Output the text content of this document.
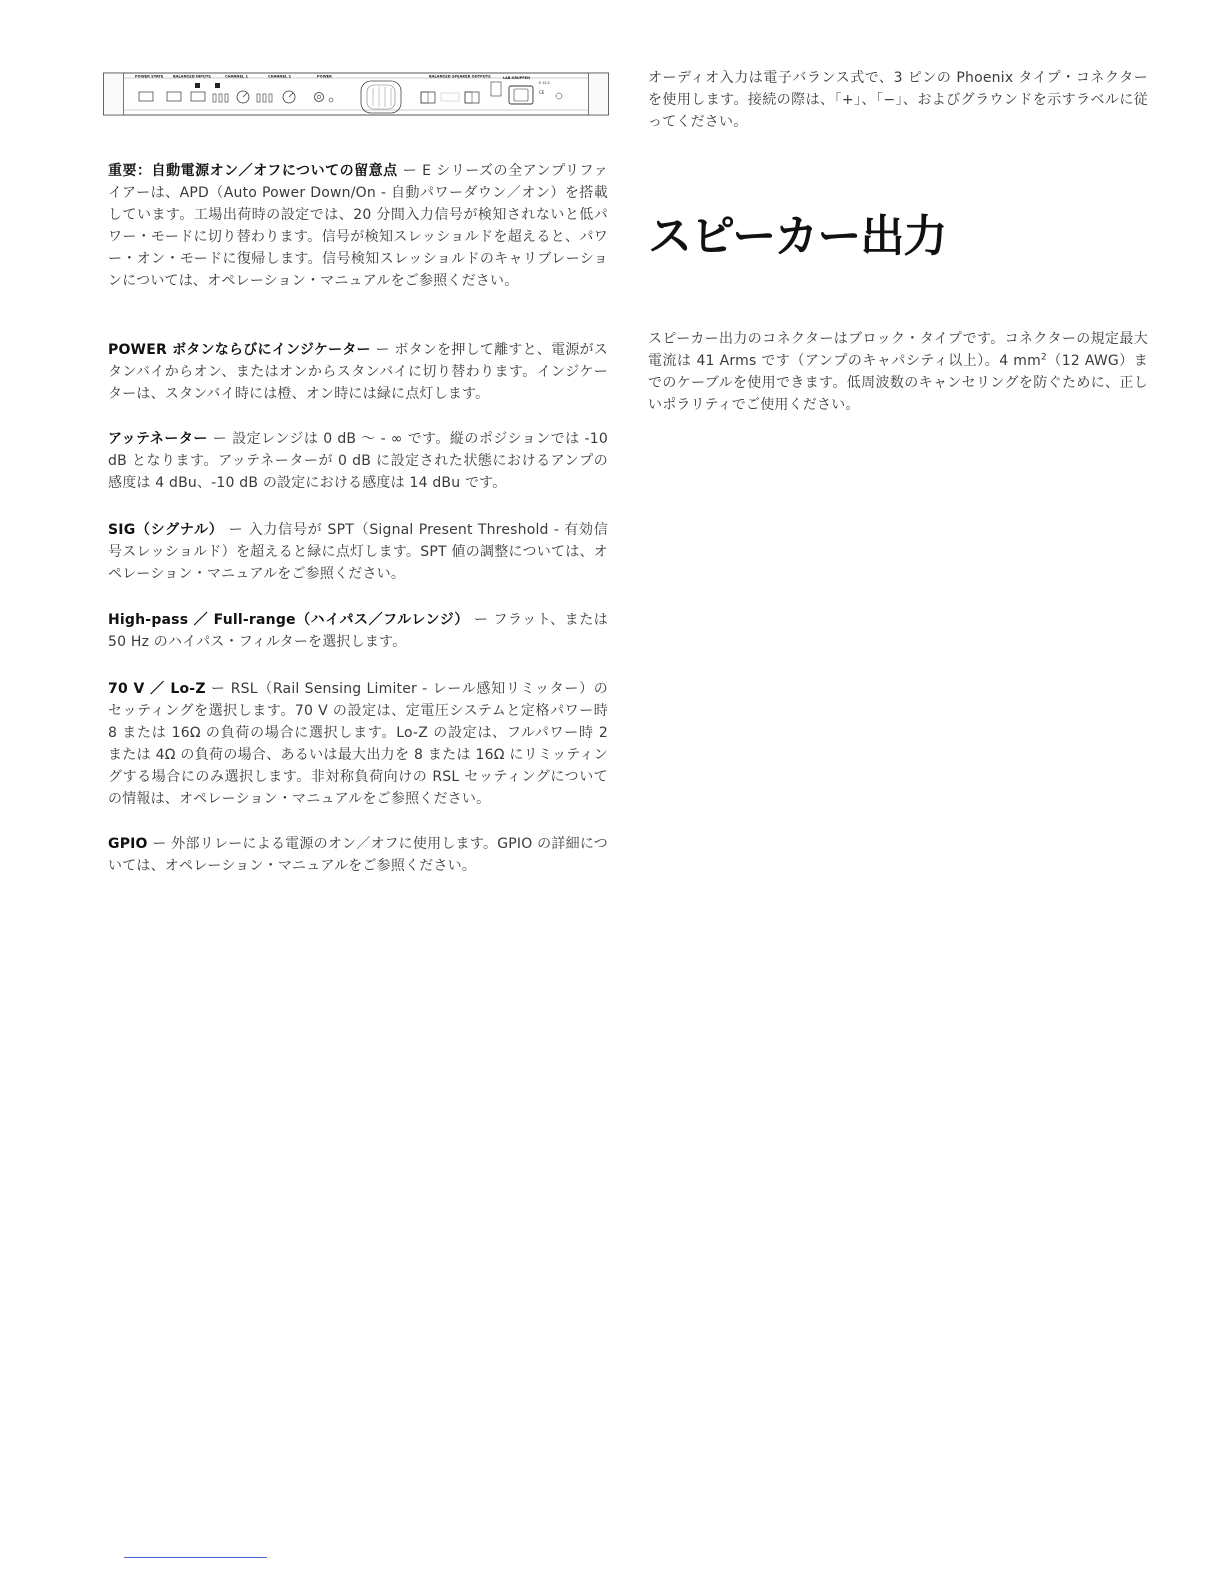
POWER STATE	BALANCED INPUTS	CHANNEL 1	CHANNEL 2	POWER	BALANCED SPEAKER OUTPUTS	LAB.GRUPPEN
E 12:2
CE

重要：自動電源オン／オフについての留意点 ー E シリーズの全アンプリファイアーは、APD（Auto Power Down/On - 自動パワーダウン／オン）を搭載しています。工場出荷時の設定では、20 分間入力信号が検知されないと低パワー・モードに切り替わります。信号が検知スレッショルドを超えると、パワー・オン・モードに復帰します。信号検知スレッショルドのキャリブレーションについては、オペレーション・マニュアルをご参照ください。

POWER ボタンならびにインジケーター ー ボタンを押して離すと、電源がスタンバイからオン、またはオンからスタンバイに切り替わります。インジケーターは、スタンバイ時には橙、オン時には緑に点灯します。

アッテネーター ー 設定レンジは 0 dB 〜 - ∞ です。縦のポジションでは -10 dB となります。アッテネーターが 0 dB に設定された状態におけるアンプの感度は 4 dBu、-10 dB の設定における感度は 14 dBu です。

SIG（シグナル） ー 入力信号が SPT（Signal Present Threshold - 有効信号スレッショルド）を超えると緑に点灯します。SPT 値の調整については、オペレーション・マニュアルをご参照ください。

High-pass ／ Full-range（ハイパス／フルレンジ） ー フラット、または 50 Hz のハイパス・フィルターを選択します。

70 V ／ Lo-Z ー RSL（Rail Sensing Limiter - レール感知リミッター）のセッティングを選択します。70 V の設定は、定電圧システムと定格パワー時 8 または 16Ω の負荷の場合に選択します。Lo-Z の設定は、フルパワー時 2 または 4Ω の負荷の場合、あるいは最大出力を 8 または 16Ω にリミッティングする場合にのみ選択します。非対称負荷向けの RSL セッティングについての情報は、オペレーション・マニュアルをご参照ください。

GPIO ー 外部リレーによる電源のオン／オフに使用します。GPIO の詳細については、オペレーション・マニュアルをご参照ください。

オーディオ入力は電子バランス式で、3 ピンの Phoenix タイプ・コネクターを使用します。接続の際は、「+」、「−」、およびグラウンドを示すラベルに従ってください。

スピーカー出力

スピーカー出力のコネクターはブロック・タイプです。コネクターの規定最大電流は 41 Arms です（アンプのキャパシティ以上）。4 $mm^2(12$ AWG）までのケーブルを使用できます。低周波数のキャンセリングを防ぐために、正しいポラリティでご使用ください。
